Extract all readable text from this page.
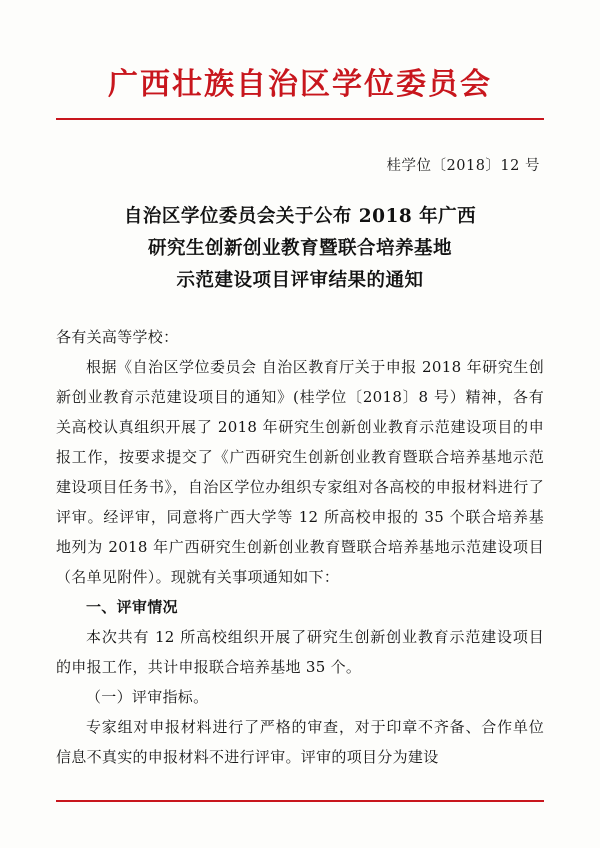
广西壮族自治区学位委员会
桂学位〔2018〕12 号
自治区学位委员会关于公布 2018 年广西
研究生创新创业教育暨联合培养基地
示范建设项目评审结果的通知

各有关高等学校：

根据《自治区学位委员会 自治区教育厅关于申报 2018 年研究生创新创业教育示范建设项目的通知》(桂学位〔2018〕8 号）精神，各有关高校认真组织开展了 2018 年研究生创新创业教育示范建设项目的申报工作，按要求提交了《广西研究生创新创业教育暨联合培养基地示范建设项目任务书》，自治区学位办组织专家组对各高校的申报材料进行了评审。经评审，同意将广西大学等 12 所高校申报的 35 个联合培养基地列为 2018 年广西研究生创新创业教育暨联合培养基地示范建设项目（名单见附件）。现就有关事项通知如下：

一、评审情况

本次共有 12 所高校组织开展了研究生创新创业教育示范建设项目的申报工作，共计申报联合培养基地 35 个。

（一）评审指标。

专家组对申报材料进行了严格的审查，对于印章不齐备、合作单位信息不真实的申报材料不进行评审。评审的项目分为建设
